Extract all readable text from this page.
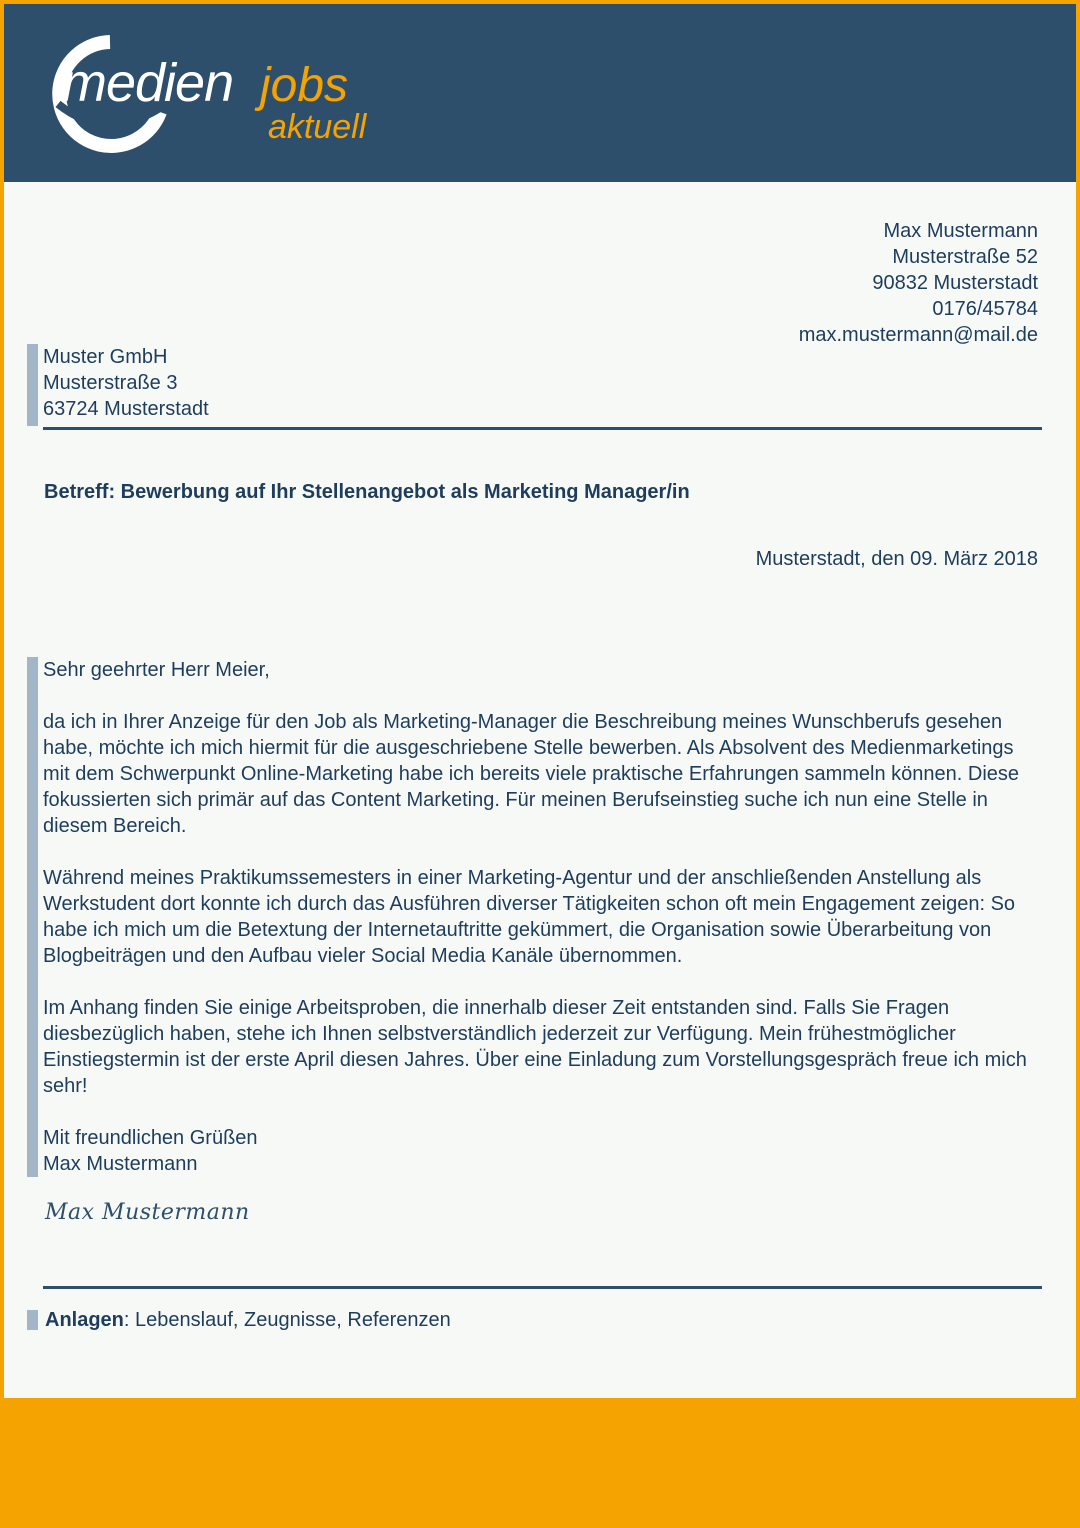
medien jobs
aktuell
Max Mustermann
Musterstraße 52
90832 Musterstadt
0176/45784
max.mustermann@mail.de
Muster GmbH
Musterstraße 3
63724 Musterstadt
Betreff: Bewerbung auf Ihr Stellenangebot als Marketing Manager/in
Musterstadt, den 09. März 2018

Sehr geehrter Herr Meier,

da ich in Ihrer Anzeige für den Job als Marketing-Manager die Beschreibung meines Wunschberufs gesehen habe, möchte ich mich hiermit für die ausgeschriebene Stelle bewerben. Als Absolvent des Medienmarketings mit dem Schwerpunkt Online-Marketing habe ich bereits viele praktische Erfahrungen sammeln können. Diese fokussierten sich primär auf das Content Marketing. Für meinen Berufseinstieg suche ich nun eine Stelle in diesem Bereich.

Während meines Praktikumssemesters in einer Marketing-Agentur und der anschließenden Anstellung als Werkstudent dort konnte ich durch das Ausführen diverser Tätigkeiten schon oft mein Engagement zeigen: So habe ich mich um die Betextung der Internetauftritte gekümmert, die Organisation sowie Überarbeitung von Blogbeiträgen und den Aufbau vieler Social Media Kanäle übernommen.

Im Anhang finden Sie einige Arbeitsproben, die innerhalb dieser Zeit entstanden sind. Falls Sie Fragen diesbezüglich haben, stehe ich Ihnen selbstverständlich jederzeit zur Verfügung. Mein frühestmöglicher Einstiegstermin ist der erste April diesen Jahres. Über eine Einladung zum Vorstellungsgespräch freue ich mich sehr!

Mit freundlichen Grüßen

Max Mustermann

Max Mustermann
Anlagen: Lebenslauf, Zeugnisse, Referenzen
